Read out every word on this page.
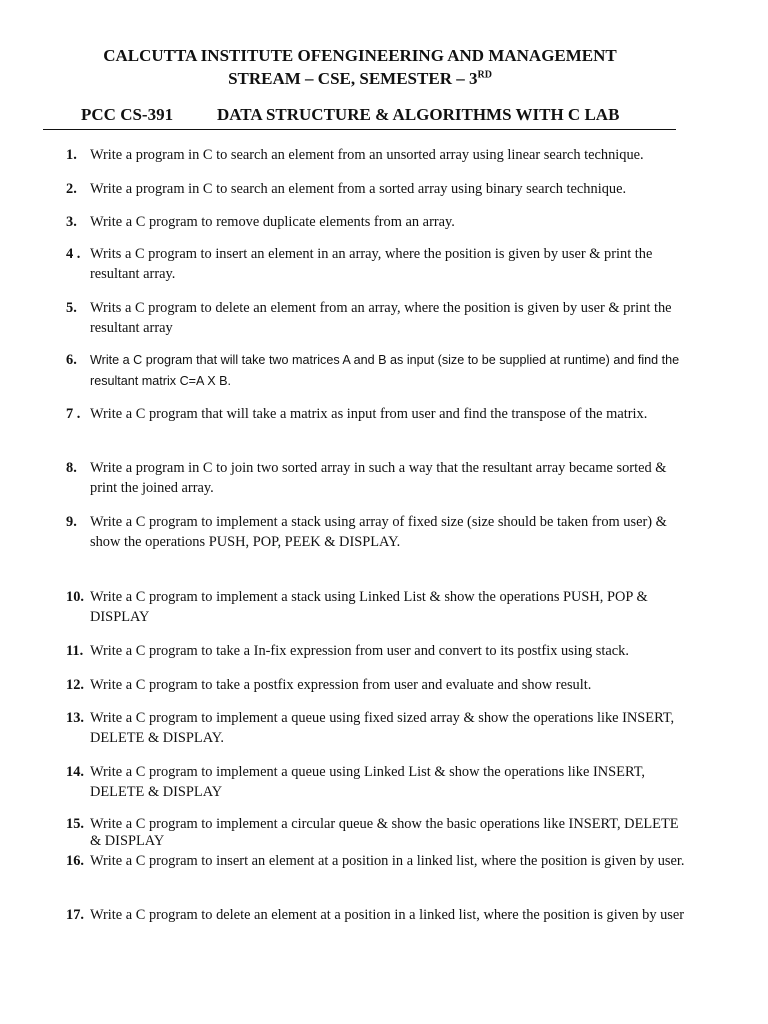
CALCUTTA INSTITUTE OFENGINEERING AND MANAGEMENT
STREAM – CSE, SEMESTER – 3RD
PCC CS-391	DATA STRUCTURE & ALGORITHMS WITH C LAB
1. Write a program in C to search an element from an unsorted array using linear search technique.
2. Write a program in C to search an element from a sorted array using binary search technique.
3. Write a C program to remove duplicate elements from an array.
4 . Writs a C program to insert an element in an array, where the position is given by user & print the resultant array.
5. Writs a C program to delete an element from an array, where the position is given by user & print the resultant array
6.	Write a C program that will take two matrices A and B as input (size to be supplied at runtime) and find the resultant matrix C=A X B.
7 . Write a C program that will take a matrix as input from user and find the transpose of the matrix.
8. Write a program in C to join two sorted array in such a way that the resultant array became sorted & print the joined array.
9. Write a C program to implement a stack using array of fixed size (size should be taken from user) & show the operations PUSH, POP, PEEK & DISPLAY.
10. Write a C program to implement a stack using Linked List & show the operations PUSH, POP & DISPLAY
11. Write a C program to take a In-fix expression from user and convert to its postfix using stack.
12. Write a C program to take a postfix expression from user and evaluate and show result.
13. Write a C program to implement a queue using fixed sized array & show the operations like INSERT, DELETE & DISPLAY.
14. Write a C program to implement a queue using Linked List & show the operations like INSERT, DELETE & DISPLAY
15. Write a C program to implement a circular queue & show the basic operations like INSERT, DELETE & DISPLAY
16. Write a C program to insert an element at a position in a linked list, where the position is given by user.
17. Write a C program to delete an element at a position in a linked list, where the position is given by user
